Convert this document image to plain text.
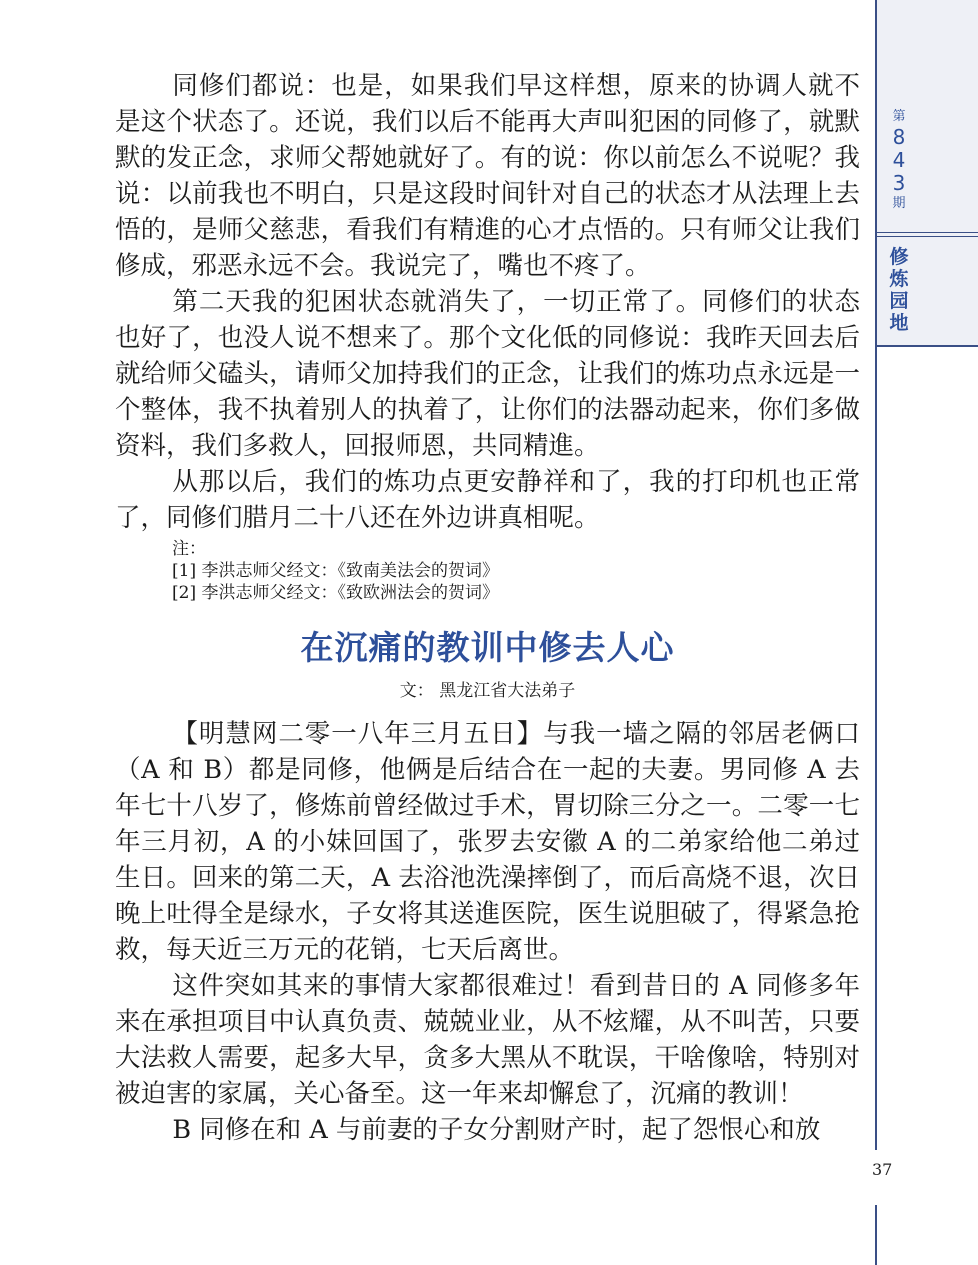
第
8
4
3
期
修
炼
园
地
37

同修们都说：也是，如果我们早这样想，原来的协调人就不是这个状态了。还说，我们以后不能再大声叫犯困的同修了，就默默的发正念，求师父帮她就好了。有的说：你以前怎么不说呢？我说：以前我也不明白，只是这段时间针对自己的状态才从法理上去悟的，是师父慈悲，看我们有精進的心才点悟的。只有师父让我们修成，邪恶永远不会。我说完了，嘴也不疼了。

第二天我的犯困状态就消失了，一切正常了。同修们的状态也好了，也没人说不想来了。那个文化低的同修说：我昨天回去后就给师父磕头，请师父加持我们的正念，让我们的炼功点永远是一个整体，我不执着别人的执着了，让你们的法器动起来，你们多做资料，我们多救人，回报师恩，共同精進。

从那以后，我们的炼功点更安静祥和了，我的打印机也正常了，同修们腊月二十八还在外边讲真相呢。

注：
[1] 李洪志师父经文：《致南美法会的贺词》
[2] 李洪志师父经文：《致欧洲法会的贺词》
在沉痛的教训中修去人心
文： 黑龙江省大法弟子

【明慧网二零一八年三月五日】与我一墙之隔的邻居老俩口（A 和 B）都是同修，他俩是后结合在一起的夫妻。男同修 A 去年七十八岁了，修炼前曾经做过手术，胃切除三分之一。二零一七年三月初，A 的小妹回国了，张罗去安徽 A 的二弟家给他二弟过生日。回来的第二天，A 去浴池洗澡摔倒了，而后高烧不退，次日晚上吐得全是绿水，子女将其送進医院，医生说胆破了，得紧急抢救，每天近三万元的花销，七天后离世。

这件突如其来的事情大家都很难过！看到昔日的 A 同修多年来在承担项目中认真负责、兢兢业业，从不炫耀，从不叫苦，只要大法救人需要，起多大早，贪多大黑从不耽误，干啥像啥，特别对被迫害的家属，关心备至。这一年来却懈怠了，沉痛的教训！

B 同修在和 A 与前妻的子女分割财产时，起了怨恨心和放
